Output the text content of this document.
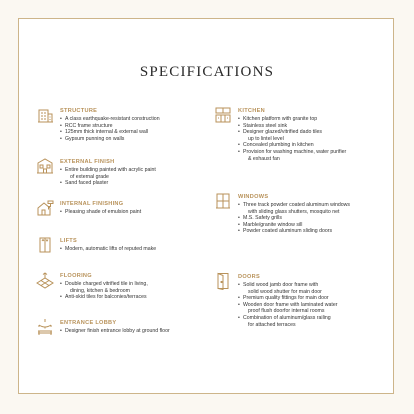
SPECIFICATIONS
STRUCTURE
• A class earthquake-resistant construction
• RCC frame structure
• 125mm thick internal & external wall
• Gypsum punning on walls
EXTERNAL FINISH
• Entire building painted with acrylic paint
of external grade
• Sand faced plaster
INTERNAL FINISHING
• Pleasing shade of emulsion paint
LIFTS
• Modern, automatic lifts of reputed make
FLOORING
• Double charged vitrified tile in living,
dining, kitchen & bedroom
• Anti-skid tiles for balconies/terraces
ENTRANCE LOBBY
• Designer finish entrance lobby at ground floor
KITCHEN
• Kitchen platform with granite top
• Stainless steel sink
• Designer glazed/vitrified dado tiles
up to lintel level
• Concealed plumbing in kitchen
• Provision for washing machine, water purifier
& exhaust fan
WINDOWS
• Three track powder coated aluminum windows
with sliding glass shutters, mosquito net
• M.S. Safety grills
• Marble/granite window sill
• Powder coated aluminum sliding doors
DOORS
• Solid wood jamb door frame with
solid wood shutter for main door
• Premium quality fittings for main door
• Wooden door frame with laminated water
proof flush doorfor internal rooms
• Combination of aluminum/glass railing
for attached terraces
